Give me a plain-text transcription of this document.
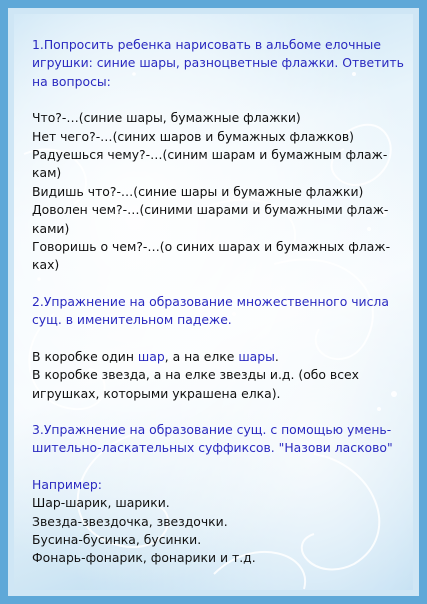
1.Попросить ребенка нарисовать в альбоме елочные

игрушки: синие шары, разноцветные флажки. Ответить

на вопросы:

Что?-…(синие шары, бумажные флажки)

Нет чего?-…(синих шаров и бумажных флажков)

Радуешься чему?-…(синим шарам и бумажным флаж-

кам)

Видишь что?-…(синие шары и бумажные флажки)

Доволен чем?-…(синими шарами и бумажными флаж-

ками)

Говоришь о чем?-…(о синих шарах и бумажных флаж-

ках)

2.Упражнение на образование множественного числа

сущ. в именительном падеже.

В коробке один шар, а на елке шары.

В коробке звезда, а на елке звезды и.д. (обо всех

игрушках, которыми украшена елка).

3.Упражнение на образование сущ. с помощью умень-

шительно-ласкательных суффиксов. "Назови ласково"

Например:

Шар-шарик, шарики.

Звезда-звездочка, звездочки.

Бусина-бусинка, бусинки.

Фонарь-фонарик, фонарики и т.д.
